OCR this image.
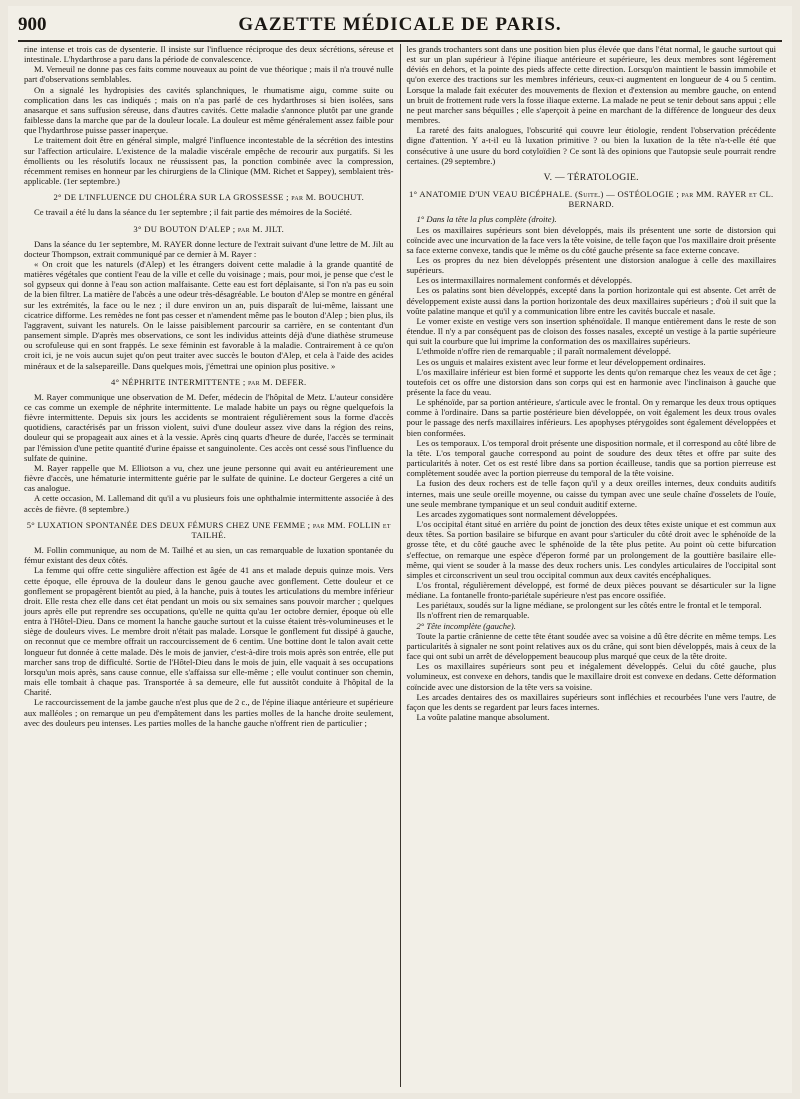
900	GAZETTE MÉDICALE DE PARIS.

rine intense et trois cas de dysenterie. Il insiste sur l'influence réciproque des deux sécrétions, séreuse et intestinale. L'hydarthrose a paru dans la période de convalescence.

M. Verneuil ne donne pas ces faits comme nouveaux au point de vue théorique ; mais il n'a trouvé nulle part d'observations semblables.

On a signalé les hydropisies des cavités splanchniques, le rhumatisme aigu, comme suite ou complication dans les cas indiqués ; mais on n'a pas parlé de ces hydarthroses si bien isolées, sans anasarque et sans suffusion séreuse, dans d'autres cavités. Cette maladie s'annonce plutôt par une grande faiblesse dans la marche que par de la douleur locale. La douleur est même généralement assez faible pour que l'hydarthrose puisse passer inaperçue.

Le traitement doit être en général simple, malgré l'influence incontestable de la sécrétion des intestins sur l'affection articulaire. L'existence de la maladie viscérale empêche de recourir aux purgatifs. Si les émollients ou les résolutifs locaux ne réussissent pas, la ponction combinée avec la compression, récemment remises en honneur par les chirurgiens de la Clinique (MM. Richet et Sappey), semblaient très-applicable. (1er septembre.)

2° DE L'INFLUENCE DU CHOLÉRA SUR LA GROSSESSE ; par M. BOUCHUT.

Ce travail a été lu dans la séance du 1er septembre ; il fait partie des mémoires de la Société.

3° DU BOUTON D'ALEP ; par M. JILT.

Dans la séance du 1er septembre, M. RAYER donne lecture de l'extrait suivant d'une lettre de M. Jilt au docteur Thompson, extrait communiqué par ce dernier à M. Rayer :

« On croit que les naturels (d'Alep) et les étrangers doivent cette maladie à la grande quantité de matières végétales que contient l'eau de la ville et celle du voisinage ; mais, pour moi, je pense que c'est le sol gypseux qui donne à l'eau son action malfaisante. Cette eau est fort déplaisante, si l'on n'a pas eu soin de la bien filtrer. La matière de l'abcès a une odeur très-désagréable. Le bouton d'Alep se montre en général sur les extrémités, la face ou le nez ; il dure environ un an, puis disparaît de lui-même, laissant une cicatrice difforme. Les remèdes ne font pas cesser et n'amendent même pas le bouton d'Alep ; bien plus, ils l'aggravent, suivant les naturels. On le laisse paisiblement parcourir sa carrière, en se contentant d'un pansement simple. D'après mes observations, ce sont les individus atteints déjà d'une diathèse strumeuse ou scrofuleuse qui en sont frappés. Le sexe féminin est favorable à la maladie. Contrairement à ce qu'on croit ici, je ne vois aucun sujet qu'on peut traiter avec succès le bouton d'Alep, et cela à l'aide des acides minéraux et de la salsepareille. Dans quelques mois, j'émettrai une opinion plus positive. »

4° NÉPHRITE INTERMITTENTE ; par M. DEFER.

M. Rayer communique une observation de M. Defer, médecin de l'hôpital de Metz. L'auteur considère ce cas comme un exemple de néphrite intermittente. Le malade habite un pays ou règne quelquefois la fièvre intermittente. Depuis six jours les accidents se montraient régulièrement sous la forme d'accès quotidiens, caractérisés par un frisson violent, suivi d'une douleur assez vive dans la région des reins, douleur qui se propageait aux aines et à la vessie. Après cinq quarts d'heure de durée, l'accès se terminait par l'émission d'une petite quantité d'urine épaisse et sanguinolente. Ces accès ont cessé sous l'influence du sulfate de quinine.

M. Rayer rappelle que M. Elliotson a vu, chez une jeune personne qui avait eu antérieurement une fièvre d'accès, une hématurie intermittente guérie par le sulfate de quinine. Le docteur Gergeres a cité un cas analogue.

A cette occasion, M. Lallemand dit qu'il a vu plusieurs fois une ophthalmie intermittente associée à des accès de fièvre. (8 septembre.)

5° LUXATION SPONTANÉE DES DEUX FÉMURS CHEZ UNE FEMME ; par MM. FOLLIN et TAILHÉ.

M. Follin communique, au nom de M. Tailhé et au sien, un cas remarquable de luxation spontanée du fémur existant des deux côtés.

La femme qui offre cette singulière affection est âgée de 41 ans et malade depuis quinze mois. Vers cette époque, elle éprouva de la douleur dans le genou gauche avec gonflement. Cette douleur et ce gonflement se propagèrent bientôt au pied, à la hanche, puis à toutes les articulations du membre inférieur droit. Elle resta chez elle dans cet état pendant un mois ou six semaines sans pouvoir marcher ; quelques jours après elle put reprendre ses occupations, qu'elle ne quitta qu'au 1er octobre dernier, époque où elle entra à l'Hôtel-Dieu. Dans ce moment la hanche gauche surtout et la cuisse étaient très-volumineuses et le siège de douleurs vives. Le membre droit n'était pas malade. Lorsque le gonflement fut dissipé à gauche, on reconnut que ce membre offrait un raccourcissement de 6 centim. Une bottine dont le talon avait cette longueur fut donnée à cette malade. Dès le mois de janvier, c'est-à-dire trois mois après son entrée, elle put marcher sans trop de difficulté. Sortie de l'Hôtel-Dieu dans le mois de juin, elle vaquait à ses occupations lorsqu'un mois après, sans cause connue, elle s'affaissa sur elle-même ; elle voulut continuer son chemin, mais elle tombait à chaque pas. Transportée à sa demeure, elle fut aussitôt conduite à l'hôpital de la Charité.

Le raccourcissement de la jambe gauche n'est plus que de 2 c., de l'épine iliaque antérieure et supérieure aux malléoles ; on remarque un peu d'empâtement dans les parties molles de la hanche droite seulement, avec des douleurs peu intenses. Les parties molles de la hanche gauche n'offrent rien de particulier ;

les grands trochanters sont dans une position bien plus élevée que dans l'état normal, le gauche surtout qui est sur un plan supérieur à l'épine iliaque antérieure et supérieure, les deux membres sont légèrement déviés en dehors, et la pointe des pieds affecte cette direction. Lorsqu'on maintient le bassin immobile et qu'on exerce des tractions sur les membres inférieurs, ceux-ci augmentent en longueur de 4 ou 5 centim. Lorsque la malade fait exécuter des mouvements de flexion et d'extension au membre gauche, on entend un bruit de frottement rude vers la fosse iliaque externe. La malade ne peut se tenir debout sans appui ; elle ne peut marcher sans béquilles ; elle s'aperçoit à peine en marchant de la différence de longueur des deux membres.

La rareté des faits analogues, l'obscurité qui couvre leur étiologie, rendent l'observation précédente digne d'attention. Y a-t-il eu là luxation primitive ? ou bien la luxation de la tête n'a-t-elle été que consécutive à une usure du bord cotyloïdien ? Ce sont là des opinions que l'autopsie seule pourrait rendre certaines. (29 septembre.)

V. — TÉRATOLOGIE.

1° ANATOMIE D'UN VEAU BICÉPHALE. (Suite.) — OSTÉOLOGIE ; par MM. RAYER et CL. BERNARD.

1° Dans la tête la plus complète (droite).

Les os maxillaires supérieurs sont bien développés, mais ils présentent une sorte de distorsion qui coïncide avec une incurvation de la face vers la tête voisine, de telle façon que l'os maxillaire droit présente sa face externe convexe, tandis que le même os du côté gauche présente sa face externe concave.

Les os propres du nez bien développés présentent une distorsion analogue à celle des maxillaires supérieurs.

Les os intermaxillaires normalement conformés et développés.

Les os palatins sont bien développés, excepté dans la portion horizontale qui est absente. Cet arrêt de développement existe aussi dans la portion horizontale des deux maxillaires supérieurs ; d'où il suit que la voûte palatine manque et qu'il y a communication libre entre les cavités buccale et nasale.

Le vomer existe en vestige vers son insertion sphénoïdale. Il manque entièrement dans le reste de son étendue. Il n'y a par conséquent pas de cloison des fosses nasales, excepté un vestige à la partie supérieure qui suit la courbure que lui imprime la conformation des os maxillaires supérieurs.

L'ethmoïde n'offre rien de remarquable ; il paraît normalement développé.

Les os unguis et malaires existent avec leur forme et leur développement ordinaires.

L'os maxillaire inférieur est bien formé et supporte les dents qu'on remarque chez les veaux de cet âge ; toutefois cet os offre une distorsion dans son corps qui est en harmonie avec l'inclinaison à gauche que présente la face du veau.

Le sphénoïde, par sa portion antérieure, s'articule avec le frontal. On y remarque les deux trous optiques comme à l'ordinaire. Dans sa partie postérieure bien développée, on voit également les deux trous ovales pour le passage des nerfs maxillaires inférieurs. Les apophyses ptérygoïdes sont également développées et bien conformées.

Les os temporaux. L'os temporal droit présente une disposition normale, et il correspond au côté libre de la tête. L'os temporal gauche correspond au point de soudure des deux têtes et offre par suite des particularités à noter. Cet os est resté libre dans sa portion écailleuse, tandis que sa portion pierreuse est complètement soudée avec la portion pierreuse du temporal de la tête voisine.

La fusion des deux rochers est de telle façon qu'il y a deux oreilles internes, deux conduits auditifs internes, mais une seule oreille moyenne, ou caisse du tympan avec une seule chaîne d'osselets de l'ouïe, une seule membrane tympanique et un seul conduit auditif externe.

Les arcades zygomatiques sont normalement développées.

L'os occipital étant situé en arrière du point de jonction des deux têtes existe unique et est commun aux deux têtes. Sa portion basilaire se bifurque en avant pour s'articuler du côté droit avec le sphénoïde de la grosse tête, et du côté gauche avec le sphénoïde de la tête plus petite. Au point où cette bifurcation s'effectue, on remarque une espèce d'éperon formé par un prolongement de la gouttière basilaire elle-même, qui vient se souder à la masse des deux rochers unis. Les condyles articulaires de l'occipital sont simples et circonscrivent un seul trou occipital commun aux deux cavités encéphaliques.

L'os frontal, régulièrement développé, est formé de deux pièces pouvant se désarticuler sur la ligne médiane. La fontanelle fronto-pariétale supérieure n'est pas encore ossifiée.

Les pariétaux, soudés sur la ligne médiane, se prolongent sur les côtés entre le frontal et le temporal.

Ils n'offrent rien de remarquable.

2° Tête incomplète (gauche).

Toute la partie crânienne de cette tête étant soudée avec sa voisine a dû être décrite en même temps. Les particularités à signaler ne sont point relatives aux os du crâne, qui sont bien développés, mais à ceux de la face qui ont subi un arrêt de développement beaucoup plus marqué que ceux de la tête droite.

Les os maxillaires supérieurs sont peu et inégalement développés. Celui du côté gauche, plus volumineux, est convexe en dehors, tandis que le maxillaire droit est convexe en dedans. Cette déformation coïncide avec une distorsion de la tête vers sa voisine.

Les arcades dentaires des os maxillaires supérieurs sont infléchies et recourbées l'une vers l'autre, de façon que les dents se regardent par leurs faces internes.

La voûte palatine manque absolument.
